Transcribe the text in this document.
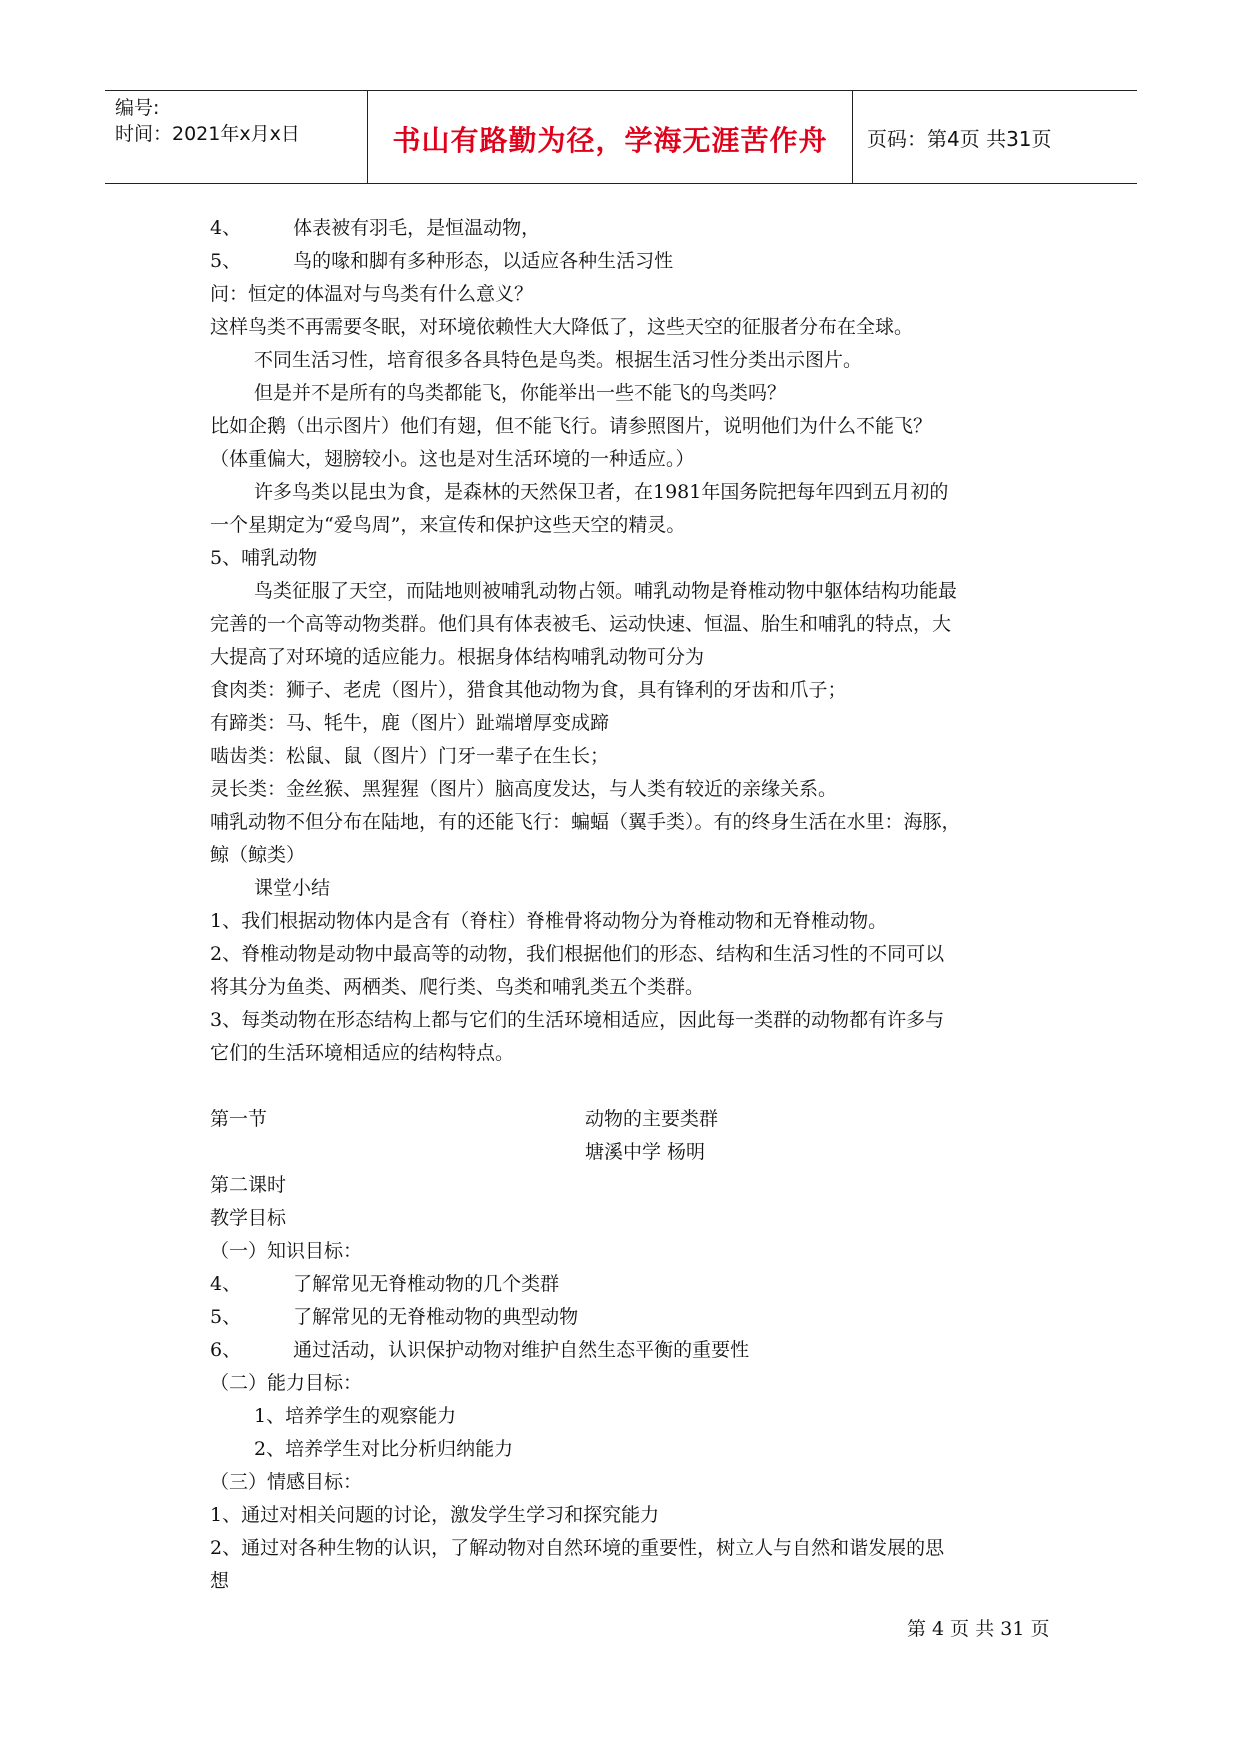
编号:
时间：2021年x月x日	书山有路勤为径，学海无涯苦作舟	页码：第4页 共31页
4、	体表被有羽毛，是恒温动物，
5、	鸟的喙和脚有多种形态，以适应各种生活习性
问：恒定的体温对与鸟类有什么意义？
这样鸟类不再需要冬眠，对环境依赖性大大降低了，这些天空的征服者分布在全球。
不同生活习性，培育很多各具特色是鸟类。根据生活习性分类出示图片。
但是并不是所有的鸟类都能飞，你能举出一些不能飞的鸟类吗？
比如企鹅（出示图片）他们有翅，但不能飞行。请参照图片，说明他们为什么不能飞？
（体重偏大，翅膀较小。这也是对生活环境的一种适应。）
许多鸟类以昆虫为食，是森林的天然保卫者，在1981年国务院把每年四到五月初的
一个星期定为“爱鸟周”，来宣传和保护这些天空的精灵。
5、哺乳动物
鸟类征服了天空，而陆地则被哺乳动物占领。哺乳动物是脊椎动物中躯体结构功能最
完善的一个高等动物类群。他们具有体表被毛、运动快速、恒温、胎生和哺乳的特点，大
大提高了对环境的适应能力。根据身体结构哺乳动物可分为
食肉类：狮子、老虎（图片），猎食其他动物为食，具有锋利的牙齿和爪子；
有蹄类：马、牦牛，鹿（图片）趾端增厚变成蹄
啮齿类：松鼠、鼠（图片）门牙一辈子在生长；
灵长类：金丝猴、黑猩猩（图片）脑高度发达，与人类有较近的亲缘关系。
哺乳动物不但分布在陆地，有的还能飞行：蝙蝠（翼手类）。有的终身生活在水里：海豚，
鲸（鲸类）
课堂小结
1、我们根据动物体内是含有（脊柱）脊椎骨将动物分为脊椎动物和无脊椎动物。
2、脊椎动物是动物中最高等的动物，我们根据他们的形态、结构和生活习性的不同可以
将其分为鱼类、两栖类、爬行类、鸟类和哺乳类五个类群。
3、每类动物在形态结构上都与它们的生活环境相适应，因此每一类群的动物都有许多与
它们的生活环境相适应的结构特点。
第一节	动物的主要类群
塘溪中学 杨明
第二课时
教学目标
（一）知识目标：
4、	了解常见无脊椎动物的几个类群
5、	了解常见的无脊椎动物的典型动物
6、	通过活动，认识保护动物对维护自然生态平衡的重要性
（二）能力目标：
1、培养学生的观察能力
2、培养学生对比分析归纳能力
（三）情感目标：
1、通过对相关问题的讨论，激发学生学习和探究能力
2、通过对各种生物的认识，了解动物对自然环境的重要性，树立人与自然和谐发展的思
想
第 4 页 共 31 页
